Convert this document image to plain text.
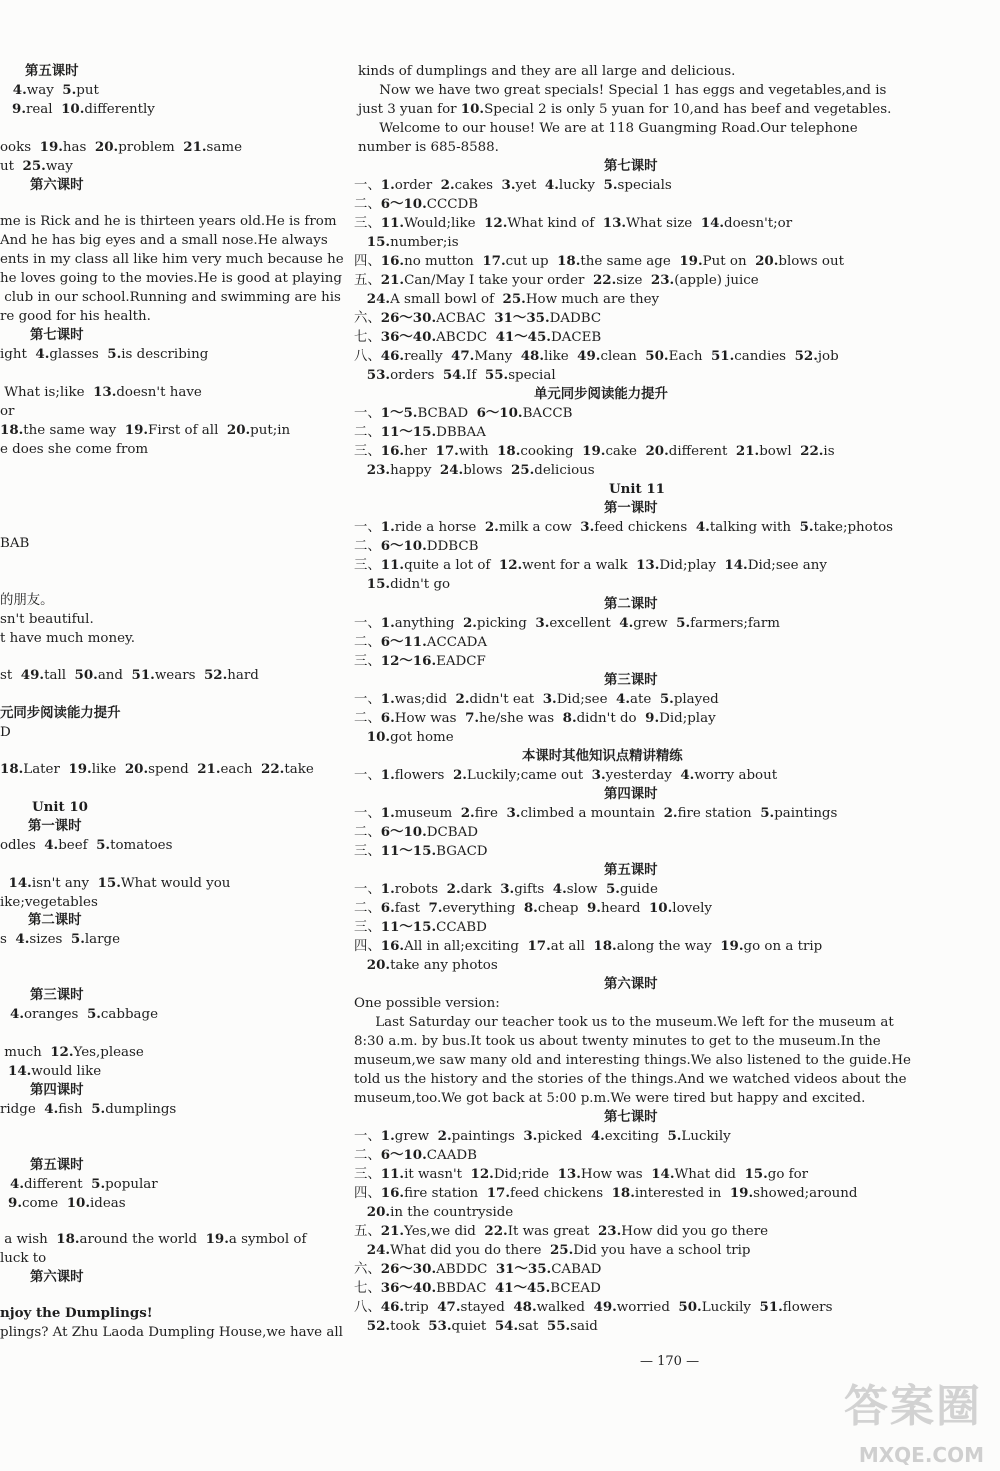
第五课时
4.way  5.put
9.real  10.differently
ooks  19.has  20.problem  21.same
ut  25.way
第六课时
me is Rick and he is thirteen years old.He is from
And he has big eyes and a small nose.He always
ents in my class all like him very much because he
he loves going to the movies.He is good at playing
club in our school.Running and swimming are his
re good for his health.
第七课时
ight  4.glasses  5.is describing
What is;like  13.doesn't have
or
18.the same way  19.First of all  20.put;in
e does she come from
BAB
的朋友。
sn't beautiful.
t have much money.
st  49.tall  50.and  51.wears  52.hard
元同步阅读能力提升
D
18.Later  19.like  20.spend  21.each  22.take
Unit 10
第一课时
odles  4.beef  5.tomatoes
14.isn't any  15.What would you
ike;vegetables
第二课时
s  4.sizes  5.large
第三课时
4.oranges  5.cabbage
much  12.Yes,please
14.would like
第四课时
ridge  4.fish  5.dumplings
第五课时
4.different  5.popular
9.come  10.ideas
a wish  18.around the world  19.a symbol of
luck to
第六课时
njoy the Dumplings!
plings? At Zhu Laoda Dumpling House,we have all
kinds of dumplings and they are all large and delicious.
Now we have two great specials! Special 1 has eggs and vegetables,and is
just 3 yuan for 10.Special 2 is only 5 yuan for 10,and has beef and vegetables.
Welcome to our house! We are at 118 Guangming Road.Our telephone
number is 685-8588.
第七课时
一、1.order  2.cakes  3.yet  4.lucky  5.specials
二、6～10.CCCDB
三、11.Would;like  12.What kind of  13.What size  14.doesn't;or
15.number;is
四、16.no mutton  17.cut up  18.the same age  19.Put on  20.blows out
五、21.Can/May I take your order  22.size  23.(apple) juice
24.A small bowl of  25.How much are they
六、26～30.ACBAC  31～35.DADBC
七、36～40.ABCDC  41～45.DACEB
八、46.really  47.Many  48.like  49.clean  50.Each  51.candies  52.job
53.orders  54.If  55.special
单元同步阅读能力提升
一、1～5.BCBAD  6～10.BACCB
二、11～15.DBBAA
三、16.her  17.with  18.cooking  19.cake  20.different  21.bowl  22.is
23.happy  24.blows  25.delicious
Unit 11
第一课时
一、1.ride a horse  2.milk a cow  3.feed chickens  4.talking with  5.take;photos
二、6～10.DDBCB
三、11.quite a lot of  12.went for a walk  13.Did;play  14.Did;see any
15.didn't go
第二课时
一、1.anything  2.picking  3.excellent  4.grew  5.farmers;farm
二、6～11.ACCADA
三、12～16.EADCF
第三课时
一、1.was;did  2.didn't eat  3.Did;see  4.ate  5.played
二、6.How was  7.he/she was  8.didn't do  9.Did;play
10.got home
本课时其他知识点精讲精练
一、1.flowers  2.Luckily;came out  3.yesterday  4.worry about
第四课时
一、1.museum  2.fire  3.climbed a mountain  2.fire station  5.paintings
二、6～10.DCBAD
三、11～15.BGACD
第五课时
一、1.robots  2.dark  3.gifts  4.slow  5.guide
二、6.fast  7.everything  8.cheap  9.heard  10.lovely
三、11～15.CCABD
四、16.All in all;exciting  17.at all  18.along the way  19.go on a trip
20.take any photos
第六课时
One possible version:
Last Saturday our teacher took us to the museum.We left for the museum at
8:30 a.m. by bus.It took us about twenty minutes to get to the museum.In the
museum,we saw many old and interesting things.We also listened to the guide.He
told us the history and the stories of the things.And we watched videos about the
museum,too.We got back at 5:00 p.m.We were tired but happy and excited.
第七课时
一、1.grew  2.paintings  3.picked  4.exciting  5.Luckily
二、6～10.CAADB
三、11.it wasn't  12.Did;ride  13.How was  14.What did  15.go for
四、16.fire station  17.feed chickens  18.interested in  19.showed;around
20.in the countryside
五、21.Yes,we did  22.It was great  23.How did you go there
24.What did you do there  25.Did you have a school trip
六、26～30.ABDDC  31～35.CABAD
七、36～40.BBDAC  41～45.BCEAD
八、46.trip  47.stayed  48.walked  49.worried  50.Luckily  51.flowers
52.took  53.quiet  54.sat  55.said
— 170 —
答案圈
MXQE.COM
